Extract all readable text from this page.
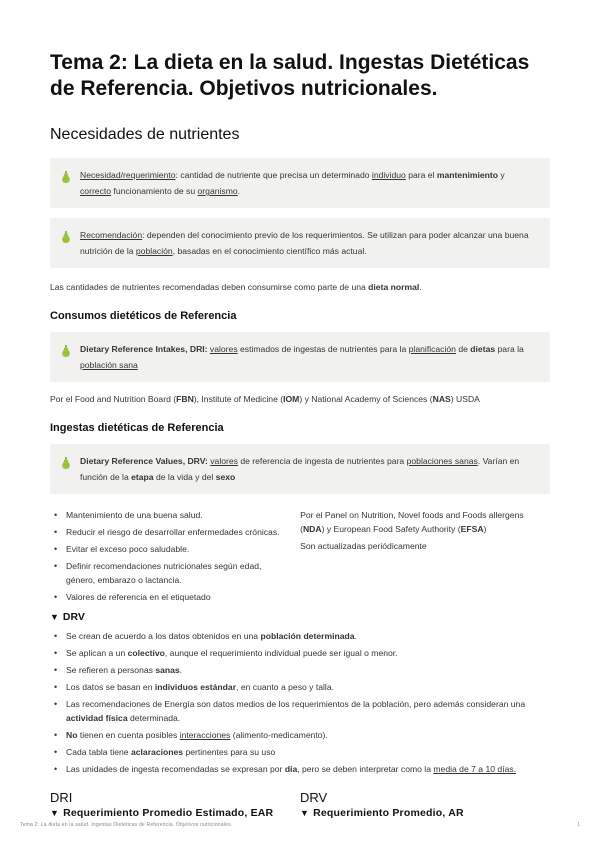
Tema 2: La dieta en la salud. Ingestas Dietéticas de Referencia. Objetivos nutricionales.
Necesidades de nutrientes
Necesidad/requerimiento: cantidad de nutriente que precisa un determinado individuo para el mantenimiento y
correcto funcionamiento de su organismo.
Recomendación: dependen del conocimiento previo de los requerimientos. Se utilizan para poder alcanzar una buena nutrición de la población, basadas en el conocimiento científico más actual.

Las cantidades de nutrientes recomendadas deben consumirse como parte de una dieta normal.

Consumos dietéticos de Referencia
Dietary Reference Intakes, DRI: valores estimados de ingestas de nutrientes para la planificación de dietas para la
población sana

Por el Food and Nutrition Board (FBN), Institute of Medicine (IOM) y National Academy of Sciences (NAS) USDA

Ingestas dietéticas de Referencia
Dietary Reference Values, DRV: valores de referencia de ingesta de nutrientes para poblaciones sanas. Varían en función de la etapa de la vida y del sexo
• Mantenimiento de una buena salud.
• Reducir el riesgo de desarrollar enfermedades crónicas.
• Evitar el exceso poco saludable.
• Definir recomendaciones nutricionales según edad, género, embarazo o lactancia.
• Valores de referencia en el etiquetado

Por el Panel on Nutrition, Novel foods and Foods allergens (NDA) y European Food Safety Authority (EFSA)

Son actualizadas periódicamente

▼ DRV
• Se crean de acuerdo a los datos obtenidos en una población determinada.
• Se aplican a un colectivo, aunque el requerimiento individual puede ser igual o menor.
• Se refieren a personas sanas.
• Los datos se basan en individuos estándar, en cuanto a peso y talla.
• Las recomendaciones de Energía son datos medios de los requerimientos de la población, pero además consideran una actividad física determinada.
• No tienen en cuenta posibles interacciones (alimento-medicamento).
• Cada tabla tiene aclaraciones pertinentes para su uso
• Las unidades de ingesta recomendadas se expresan por día, pero se deben interpretar como la media de 7 a 10 días.
DRI
▼ Requerimiento Promedio Estimado, EAR
DRV
▼ Requerimiento Promedio, AR
Tema 2: La dieta en la salud. Ingestas Dietéticas de Referencia. Objetivos nutricionales.	1
